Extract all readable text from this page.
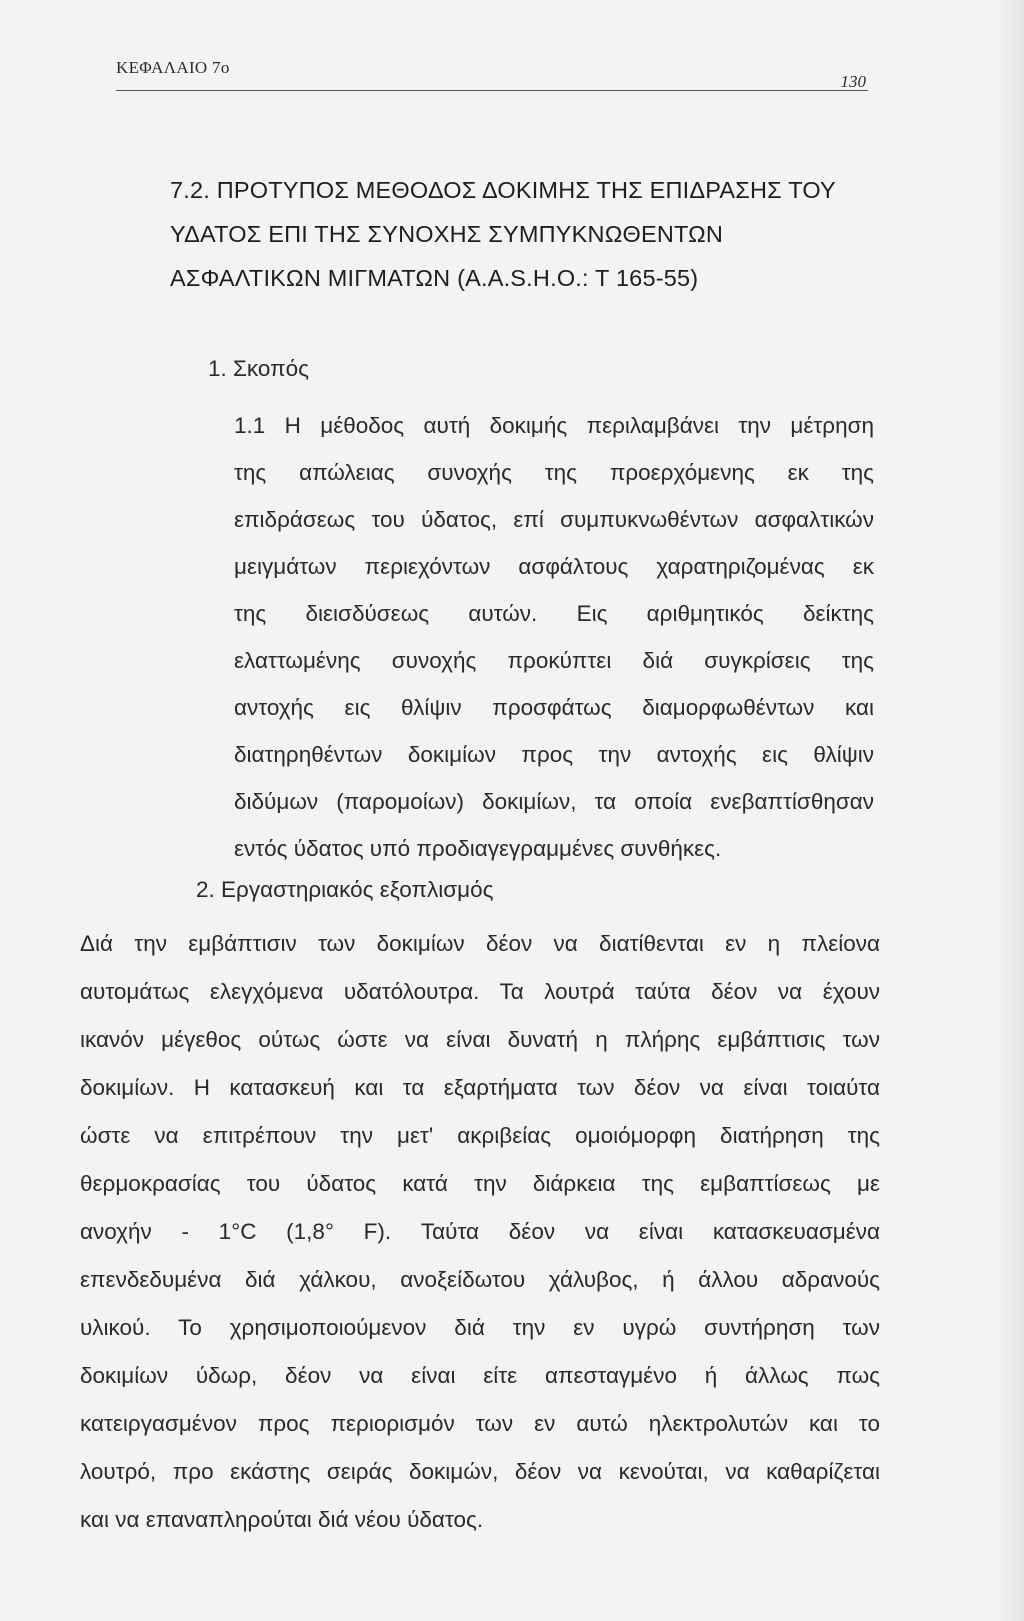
ΚΕΦΑΛΑΙΟ 7ο
130
7.2. ΠΡΟΤΥΠΟΣ ΜΕΘΟΔΟΣ ΔΟΚΙΜΗΣ ΤΗΣ ΕΠΙΔΡΑΣΗΣ ΤΟΥ
ΥΔΑΤΟΣ ΕΠΙ ΤΗΣ ΣΥΝΟΧΗΣ ΣΥΜΠΥΚΝΩΘΕΝΤΩΝ
ΑΣΦΑΛΤΙΚΩΝ ΜΙΓΜΑΤΩΝ (Α.Α.S.Η.Ο.: Τ 165-55)
1. Σκοπός
1.1 Η μέθοδος αυτή δοκιμής περιλαμβάνει την μέτρηση
της απώλειας συνοχής της προερχόμενης εκ της
επιδράσεως του ύδατος, επί συμπυκνωθέντων ασφαλτικών
μειγμάτων περιεχόντων ασφάλτους χαρατηριζομένας εκ
της διεισδύσεως αυτών. Εις αριθμητικός δείκτης
ελαττωμένης συνοχής προκύπτει διά συγκρίσεις της
αντοχής εις θλίψιν προσφάτως διαμορφωθέντων και
διατηρηθέντων δοκιμίων προς την αντοχής εις θλίψιν
διδύμων (παρομοίων) δοκιμίων, τα οποία ενεβαπτίσθησαν
εντός ύδατος υπό προδιαγεγραμμένες συνθήκες.
2. Εργαστηριακός εξοπλισμός
Διά την εμβάπτισιν των δοκιμίων δέον να διατίθενται εν η πλείονα
αυτομάτως ελεγχόμενα υδατόλουτρα. Τα λουτρά ταύτα δέον να έχουν
ικανόν μέγεθος ούτως ώστε να είναι δυνατή η πλήρης εμβάπτισις των
δοκιμίων. Η κατασκευή και τα εξαρτήματα των δέον να είναι τοιαύτα
ώστε να επιτρέπουν την μετ' ακριβείας ομοιόμορφη διατήρηση της
θερμοκρασίας του ύδατος κατά την διάρκεια της εμβαπτίσεως με
ανοχήν - 1°C (1,8° F). Ταύτα δέον να είναι κατασκευασμένα
επενδεδυμένα διά χάλκου, ανοξείδωτου χάλυβος, ή άλλου αδρανούς
υλικού. Το χρησιμοποιούμενον διά την εν υγρώ συντήρηση των
δοκιμίων ύδωρ, δέον να είναι είτε απεσταγμένο ή άλλως πως
κατειργασμένον προς περιορισμόν των εν αυτώ ηλεκτρολυτών και το
λουτρό, προ εκάστης σειράς δοκιμών, δέον να κενούται, να καθαρίζεται
και να επαναπληρούται διά νέου ύδατος.
